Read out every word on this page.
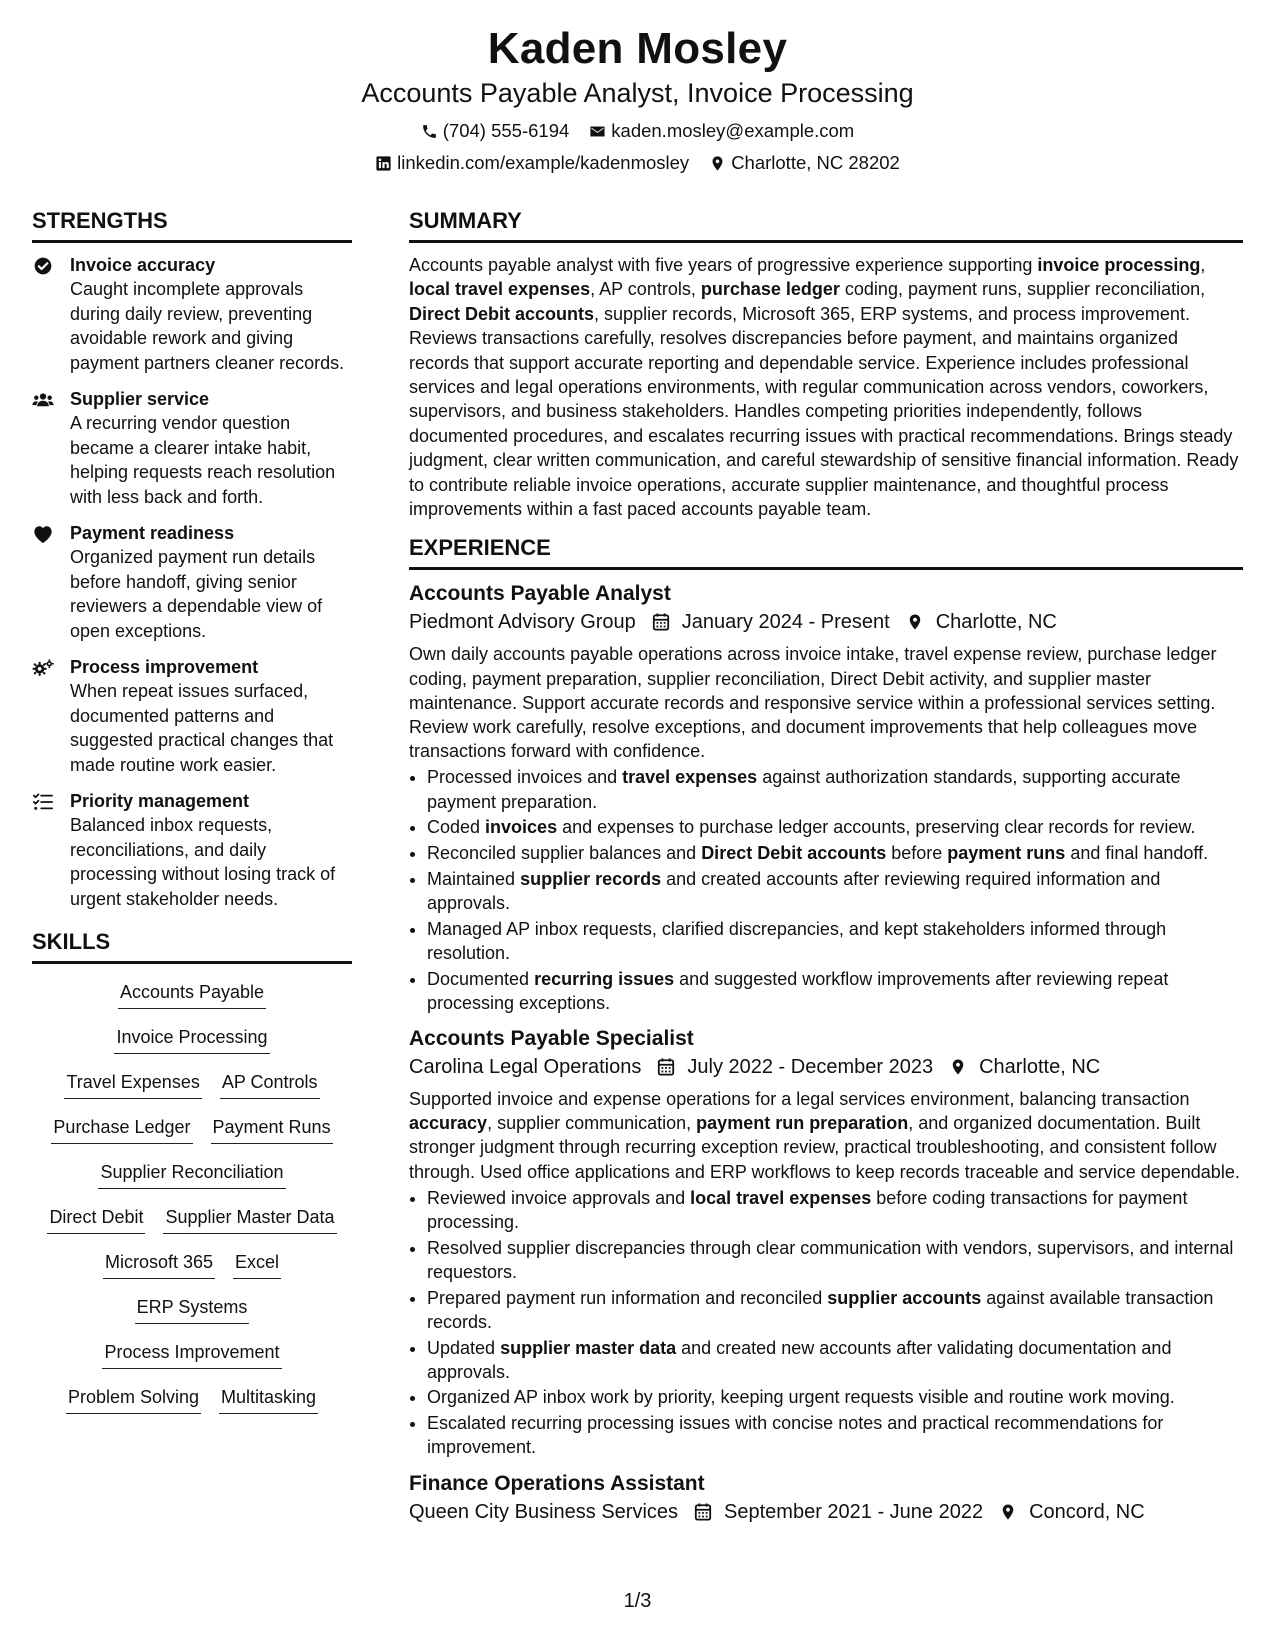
Kaden Mosley
Accounts Payable Analyst, Invoice Processing
(704) 555-6194 kaden.mosley@example.com
linkedin.com/example/kadenmosley Charlotte, NC 28202
STRENGTHS
Invoice accuracy
Caught incomplete approvals during daily review, preventing avoidable rework and giving payment partners cleaner records.
Supplier service
A recurring vendor question became a clearer intake habit, helping requests reach resolution with less back and forth.
Payment readiness
Organized payment run details before handoff, giving senior reviewers a dependable view of open exceptions.
Process improvement
When repeat issues surfaced, documented patterns and suggested practical changes that made routine work easier.
Priority management
Balanced inbox requests, reconciliations, and daily processing without losing track of urgent stakeholder needs.
SKILLS
Accounts Payable
Invoice Processing
Travel Expenses AP Controls
Purchase Ledger Payment Runs
Supplier Reconciliation
Direct Debit Supplier Master Data
Microsoft 365 Excel
ERP Systems
Process Improvement
Problem Solving Multitasking
SUMMARY
Accounts payable analyst with five years of progressive experience supporting invoice processing, local travel expenses, AP controls, purchase ledger coding, payment runs, supplier reconciliation, Direct Debit accounts, supplier records, Microsoft 365, ERP systems, and process improvement. Reviews transactions carefully, resolves discrepancies before payment, and maintains organized records that support accurate reporting and dependable service. Experience includes professional services and legal operations environments, with regular communication across vendors, coworkers, supervisors, and business stakeholders. Handles competing priorities independently, follows documented procedures, and escalates recurring issues with practical recommendations. Brings steady judgment, clear written communication, and careful stewardship of sensitive financial information. Ready to contribute reliable invoice operations, accurate supplier maintenance, and thoughtful process improvements within a fast paced accounts payable team.
EXPERIENCE
Accounts Payable Analyst
Piedmont Advisory Group January 2024 - Present Charlotte, NC
Own daily accounts payable operations across invoice intake, travel expense review, purchase ledger coding, payment preparation, supplier reconciliation, Direct Debit activity, and supplier master maintenance. Support accurate records and responsive service within a professional services setting. Review work carefully, resolve exceptions, and document improvements that help colleagues move transactions forward with confidence.
• Processed invoices and travel expenses against authorization standards, supporting accurate payment preparation.
• Coded invoices and expenses to purchase ledger accounts, preserving clear records for review.
• Reconciled supplier balances and Direct Debit accounts before payment runs and final handoff.
• Maintained supplier records and created accounts after reviewing required information and approvals.
• Managed AP inbox requests, clarified discrepancies, and kept stakeholders informed through resolution.
• Documented recurring issues and suggested workflow improvements after reviewing repeat processing exceptions.
Accounts Payable Specialist
Carolina Legal Operations July 2022 - December 2023 Charlotte, NC
Supported invoice and expense operations for a legal services environment, balancing transaction accuracy, supplier communication, payment run preparation, and organized documentation. Built stronger judgment through recurring exception review, practical troubleshooting, and consistent follow through. Used office applications and ERP workflows to keep records traceable and service dependable.
• Reviewed invoice approvals and local travel expenses before coding transactions for payment processing.
• Resolved supplier discrepancies through clear communication with vendors, supervisors, and internal requestors.
• Prepared payment run information and reconciled supplier accounts against available transaction records.
• Updated supplier master data and created new accounts after validating documentation and approvals.
• Organized AP inbox work by priority, keeping urgent requests visible and routine work moving.
• Escalated recurring processing issues with concise notes and practical recommendations for improvement.
Finance Operations Assistant
Queen City Business Services September 2021 - June 2022 Concord, NC
1/3
